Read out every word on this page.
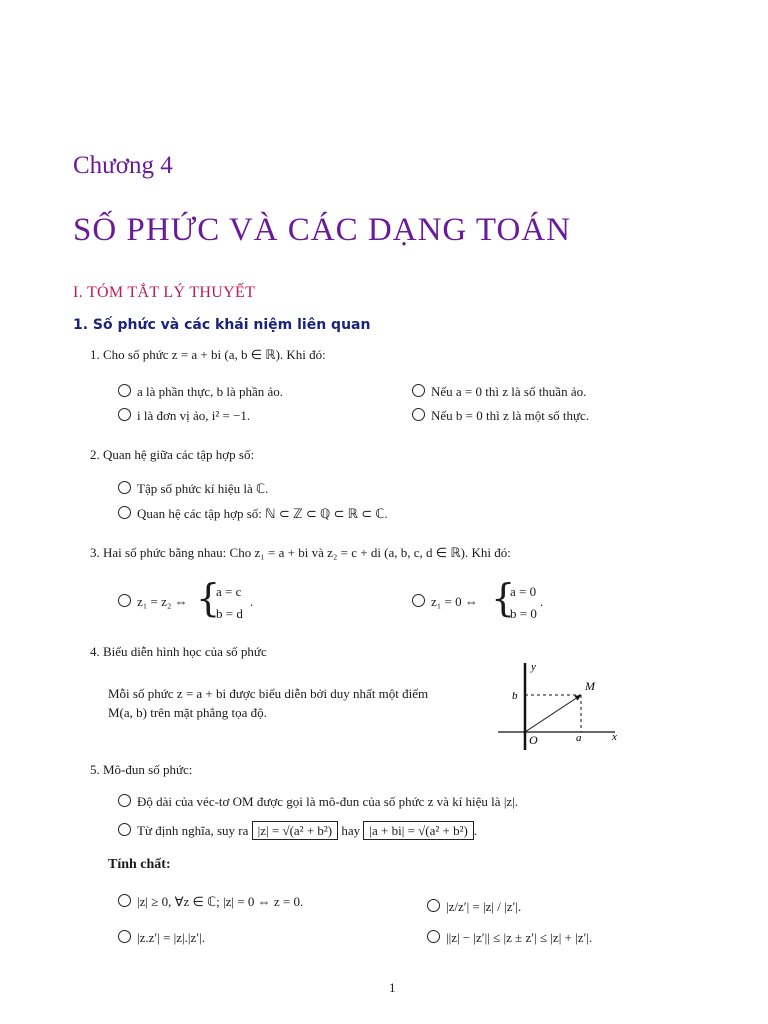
Chương 4
SỐ PHỨC VÀ CÁC DẠNG TOÁN
I. TÓM TẮT LÝ THUYẾT
1. Số phức và các khái niệm liên quan
1. Cho số phức z = a + bi (a, b ∈ ℝ). Khi đó:
a là phần thực, b là phần ảo.	Nếu a = 0 thì z là số thuần ảo.
i là đơn vị ảo, i² = −1.	Nếu b = 0 thì z là một số thực.
2. Quan hệ giữa các tập hợp số:
Tập số phức kí hiệu là ℂ.
Quan hệ các tập hợp số: ℕ ⊂ ℤ ⊂ ℚ ⊂ ℝ ⊂ ℂ.
3. Hai số phức bằng nhau: Cho z₁ = a + bi và z₂ = c + di (a, b, c, d ∈ ℝ). Khi đó:
z₁ = z₂ ⇔ {
a = c
b = d
.	z₁ = 0 ⇔ {
a = 0
b = 0
.
4. Biểu diễn hình học của số phức
Mỗi số phức z = a + bi được biểu diễn bởi duy nhất một điểm
M(a, b) trên mặt phẳng tọa độ.
y
x
O	a
b
M
5. Mô-đun số phức:
Độ dài của véc-tơ OM được gọi là mô-đun của số phức z và kí hiệu là |z|.
Từ định nghĩa, suy ra |z| = √(a² + b²) hay |a + bi| = √(a² + b²) .
Tính chất:
|z| ≥ 0, ∀z ∈ ℂ; |z| = 0 ⇔ z = 0.	|z/z′| = |z| / |z′|.
|z.z′| = |z|.|z′|.	||z| − |z′|| ≤ |z ± z′| ≤ |z| + |z′|.
1
